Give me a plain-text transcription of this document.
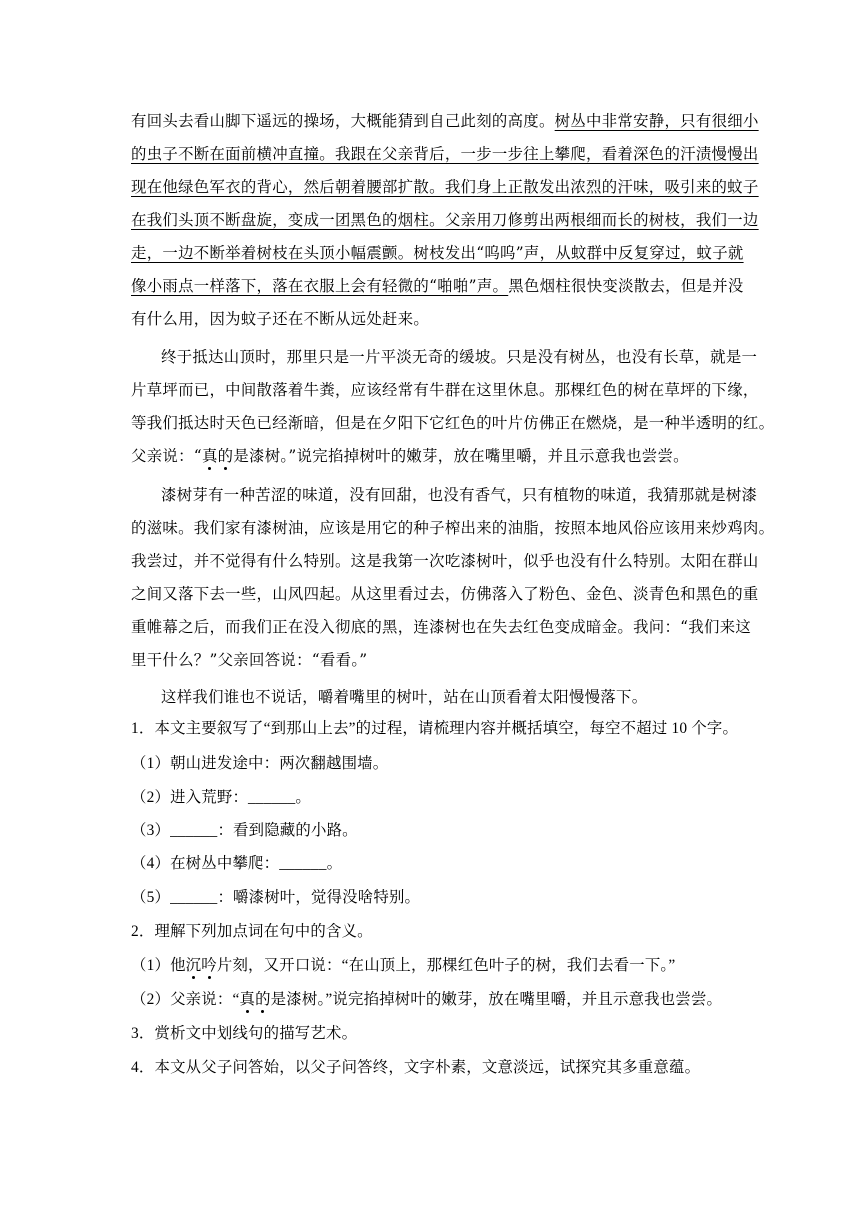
有回头去看山脚下遥远的操场，大概能猜到自己此刻的高度。树丛中非常安静，只有很细小
的虫子不断在面前横冲直撞。我跟在父亲背后，一步一步往上攀爬，看着深色的汗渍慢慢出
现在他绿色军衣的背心，然后朝着腰部扩散。我们身上正散发出浓烈的汗味，吸引来的蚊子
在我们头顶不断盘旋，变成一团黑色的烟柱。父亲用刀修剪出两根细而长的树枝，我们一边
走，一边不断举着树枝在头顶小幅震颤。树枝发出“呜呜”声，从蚊群中反复穿过，蚊子就
像小雨点一样落下，落在衣服上会有轻微的“啪啪”声。黑色烟柱很快变淡散去，但是并没
有什么用，因为蚊子还在不断从远处赶来。
终于抵达山顶时，那里只是一片平淡无奇的缓坡。只是没有树丛，也没有长草，就是一
片草坪而已，中间散落着牛粪，应该经常有牛群在这里休息。那棵红色的树在草坪的下缘，
等我们抵达时天色已经渐暗，但是在夕阳下它红色的叶片仿佛正在燃烧，是一种半透明的红。
父亲说：“真的是漆树。”说完掐掉树叶的嫩芽，放在嘴里嚼，并且示意我也尝尝。
漆树芽有一种苦涩的味道，没有回甜，也没有香气，只有植物的味道，我猜那就是树漆
的滋味。我们家有漆树油，应该是用它的种子榨出来的油脂，按照本地风俗应该用来炒鸡肉。
我尝过，并不觉得有什么特别。这是我第一次吃漆树叶，似乎也没有什么特别。太阳在群山
之间又落下去一些，山风四起。从这里看过去，仿佛落入了粉色、金色、淡青色和黑色的重
重帷幕之后，而我们正在没入彻底的黑，连漆树也在失去红色变成暗金。我问：“我们来这
里干什么？”父亲回答说：“看看。”
这样我们谁也不说话，嚼着嘴里的树叶，站在山顶看着太阳慢慢落下。
1．本文主要叙写了“到那山上去”的过程，请梳理内容并概括填空，每空不超过 10 个字。
（1）朝山进发途中：两次翻越围墙。
（2）进入荒野：______。
（3）______：看到隐藏的小路。
（4）在树丛中攀爬：______。
（5）______：嚼漆树叶，觉得没啥特别。
2．理解下列加点词在句中的含义。
（1）他沉吟片刻，又开口说：“在山顶上，那棵红色叶子的树，我们去看一下。”
（2）父亲说：“真的是漆树。”说完掐掉树叶的嫩芽，放在嘴里嚼，并且示意我也尝尝。
3．赏析文中划线句的描写艺术。
4．本文从父子问答始，以父子问答终，文字朴素，文意淡远，试探究其多重意蕴。
